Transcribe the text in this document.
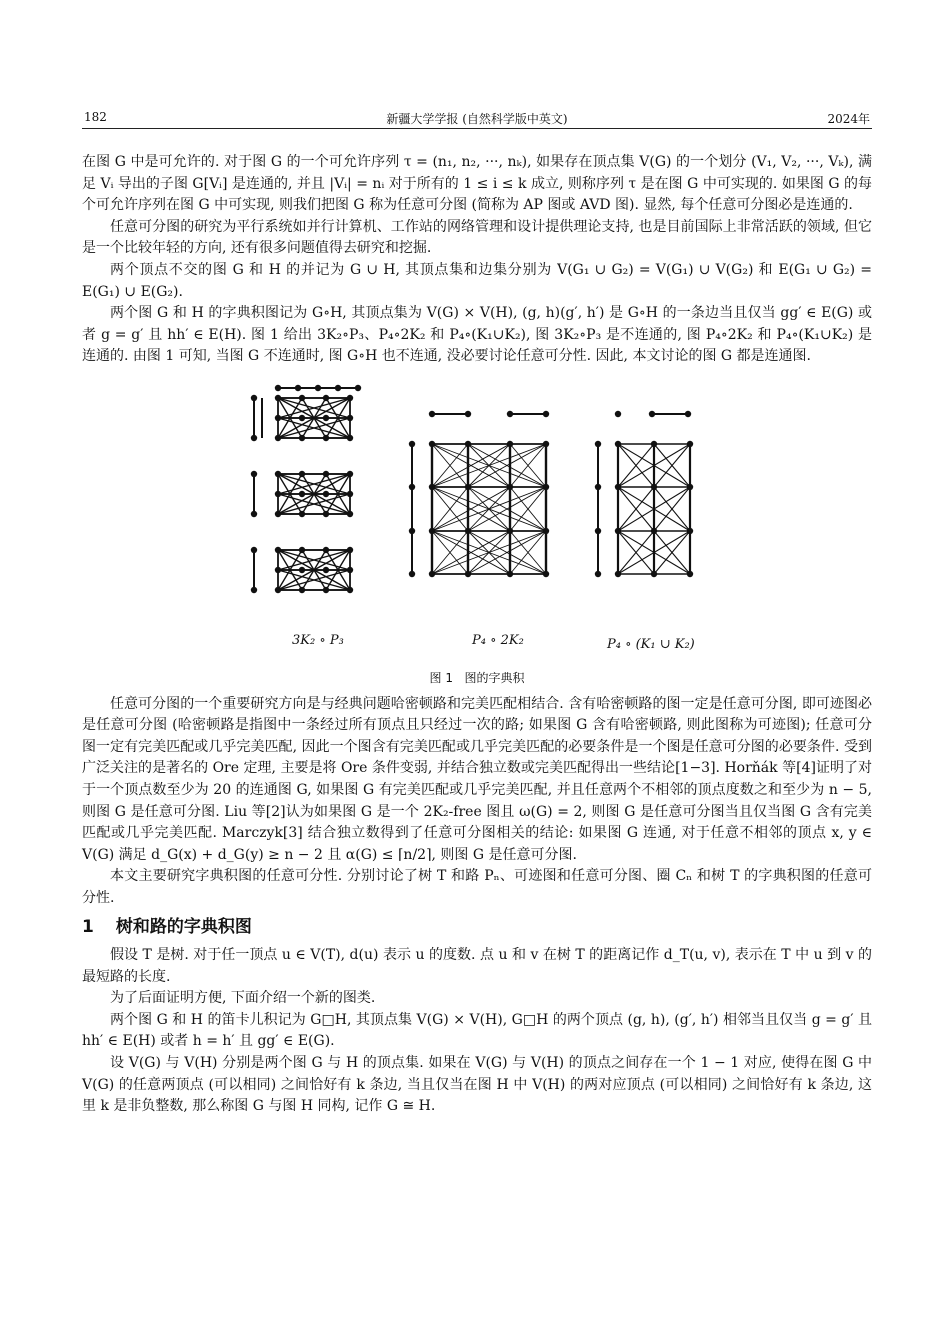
182	新疆大学学报 (自然科学版中英文)	2024年

在图 G 中是可允许的. 对于图 G 的一个可允许序列 τ = (n₁, n₂, ···, nₖ), 如果存在顶点集 V(G) 的一个划分 (V₁, V₂, ···, Vₖ), 满足 Vᵢ 导出的子图 G[Vᵢ] 是连通的, 并且 |Vᵢ| = nᵢ 对于所有的 1 ≤ i ≤ k 成立, 则称序列 τ 是在图 G 中可实现的. 如果图 G 的每个可允许序列在图 G 中可实现, 则我们把图 G 称为任意可分图 (简称为 AP 图或 AVD 图). 显然, 每个任意可分图必是连通的.

任意可分图的研究为平行系统如并行计算机、工作站的网络管理和设计提供理论支持, 也是目前国际上非常活跃的领域, 但它是一个比较年轻的方向, 还有很多问题值得去研究和挖掘.

两个顶点不交的图 G 和 H 的并记为 G ∪ H, 其顶点集和边集分别为 V(G₁ ∪ G₂) = V(G₁) ∪ V(G₂) 和 E(G₁ ∪ G₂) = E(G₁) ∪ E(G₂).

两个图 G 和 H 的字典积图记为 G∘H, 其顶点集为 V(G) × V(H), (g, h)(g′, h′) 是 G∘H 的一条边当且仅当 gg′ ∈ E(G) 或者 g = g′ 且 hh′ ∈ E(H). 图 1 给出 3K₂∘P₃、P₄∘2K₂ 和 P₄∘(K₁∪K₂), 图 3K₂∘P₃ 是不连通的, 图 P₄∘2K₂ 和 P₄∘(K₁∪K₂) 是连通的. 由图 1 可知, 当图 G 不连通时, 图 G∘H 也不连通, 没必要讨论任意可分性. 因此, 本文讨论的图 G 都是连通图.

3K₂ ∘ P₃	P₄ ∘ 2K₂	P₄ ∘ (K₁ ∪ K₂)
图 1 图的字典积

任意可分图的一个重要研究方向是与经典问题哈密顿路和完美匹配相结合. 含有哈密顿路的图一定是任意可分图, 即可迹图必是任意可分图 (哈密顿路是指图中一条经过所有顶点且只经过一次的路; 如果图 G 含有哈密顿路, 则此图称为可迹图); 任意可分图一定有完美匹配或几乎完美匹配, 因此一个图含有完美匹配或几乎完美匹配的必要条件是一个图是任意可分图的必要条件. 受到广泛关注的是著名的 Ore 定理, 主要是将 Ore 条件变弱, 并结合独立数或完美匹配得出一些结论[1−3]. Horňák 等[4]证明了对于一个顶点数至少为 20 的连通图 G, 如果图 G 有完美匹配或几乎完美匹配, 并且任意两个不相邻的顶点度数之和至少为 n − 5, 则图 G 是任意可分图. Liu 等[2]认为如果图 G 是一个 2K₂-free 图且 ω(G) = 2, 则图 G 是任意可分图当且仅当图 G 含有完美匹配或几乎完美匹配. Marczyk[3] 结合独立数得到了任意可分图相关的结论: 如果图 G 连通, 对于任意不相邻的顶点 x, y ∈ V(G) 满足 d_G(x) + d_G(y) ≥ n − 2 且 α(G) ≤ ⌈n/2⌉, 则图 G 是任意可分图.

本文主要研究字典积图的任意可分性. 分别讨论了树 T 和路 Pₙ、可迹图和任意可分图、圈 Cₙ 和树 T 的字典积图的任意可分性.

1 树和路的字典积图

假设 T 是树. 对于任一顶点 u ∈ V(T), d(u) 表示 u 的度数. 点 u 和 v 在树 T 的距离记作 d_T(u, v), 表示在 T 中 u 到 v 的最短路的长度.

为了后面证明方便, 下面介绍一个新的图类.

两个图 G 和 H 的笛卡儿积记为 G□H, 其顶点集 V(G) × V(H), G□H 的两个顶点 (g, h), (g′, h′) 相邻当且仅当 g = g′ 且 hh′ ∈ E(H) 或者 h = h′ 且 gg′ ∈ E(G).

设 V(G) 与 V(H) 分别是两个图 G 与 H 的顶点集. 如果在 V(G) 与 V(H) 的顶点之间存在一个 1 − 1 对应, 使得在图 G 中 V(G) 的任意两顶点 (可以相同) 之间恰好有 k 条边, 当且仅当在图 H 中 V(H) 的两对应顶点 (可以相同) 之间恰好有 k 条边, 这里 k 是非负整数, 那么称图 G 与图 H 同构, 记作 G ≅ H.
